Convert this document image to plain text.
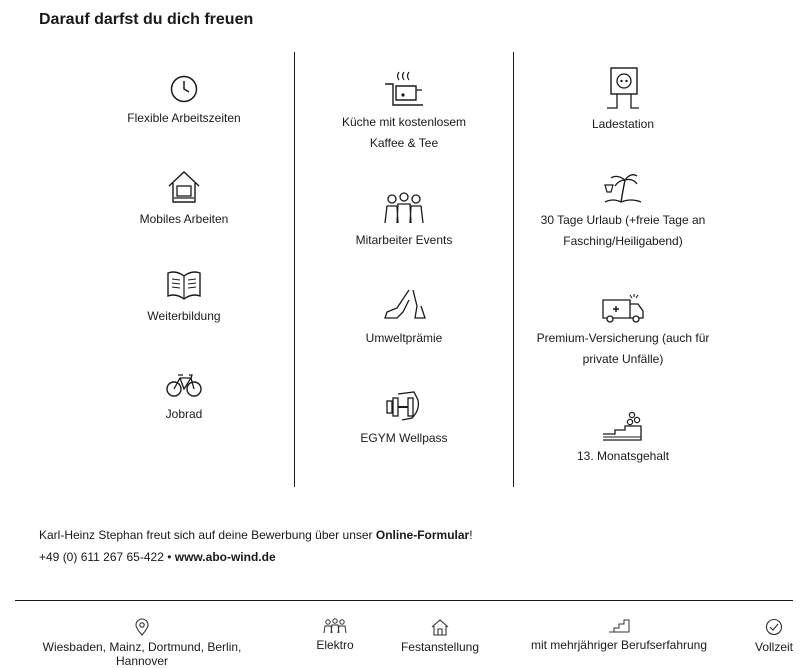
Darauf darfst du dich freuen
Flexible Arbeitszeiten
Mobiles Arbeiten
Weiterbildung
Jobrad
Küche mit kostenlosem
Kaffee & Tee
Mitarbeiter Events
Umweltprämie
EGYM Wellpass
Ladestation
30 Tage Urlaub (+freie Tage an
Fasching/Heiligabend)
Premium-Versicherung (auch für
private Unfälle)
13. Monatsgehalt
Karl-Heinz Stephan freut sich auf deine Bewerbung über unser Online-Formular!
+49 (0) 611 267 65-422 • www.abo-wind.de
Wiesbaden, Mainz, Dortmund, Berlin, Hannover
Elektro	Festanstellung	mit mehrjähriger Berufserfahrung	Vollzeit
